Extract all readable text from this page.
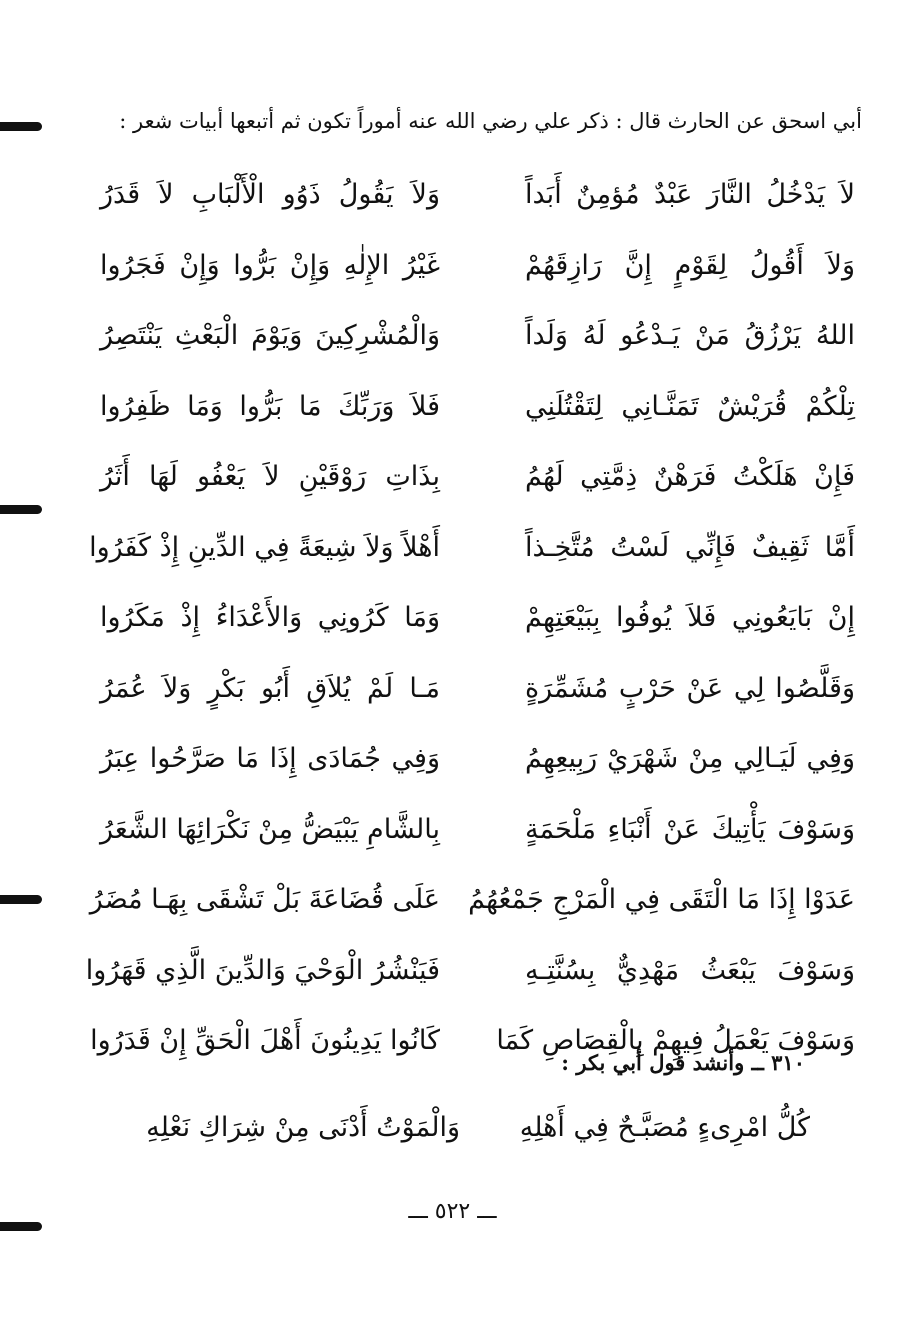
أبي اسحق عن الحارث قال : ذكر علي رضي الله عنه أموراً تكون ثم أتبعها أبيات شعر :
لاَ يَدْخُلُ النَّارَ عَبْدٌ مُؤمِنٌ أَبَداً
وَلاَ يَقُولُ ذَوُو الْأَلْبَابِ لاَ قَدَرُ
وَلاَ أَقُولُ لِقَوْمٍ إِنَّ رَازِقَهُمْ
غَيْرُ الإِلٰهِ وَإِنْ بَرُّوا وَإِنْ فَجَرُوا
اللهُ يَرْزُقُ مَنْ يَـدْعُو لَهُ وَلَداً
وَالْمُشْرِكِينَ وَيَوْمَ الْبَعْثِ يَنْتَصِرُ
تِلْكُمْ قُرَيْشٌ تَمَنَّـانِي لِتَقْتُلَنِي
فَلاَ وَرَبِّكَ مَا بَرُّوا وَمَا ظَفِرُوا
فَإِنْ هَلَكْتُ فَرَهْنٌ ذِمَّتِي لَهُمُ
بِذَاتِ رَوْقَيْنِ لاَ يَعْفُو لَهَا أَثَرُ
أَمَّا ثَقِيفٌ فَإِنِّي لَسْتُ مُتَّخِـذاً
أَهْلاً وَلاَ شِيعَةً فِي الدِّينِ إِذْ كَفَرُوا
إِنْ بَايَعُونِي فَلاَ يُوفُوا بِبَيْعَتِهِمْ
وَمَا كَرُونِي وَالأَعْدَاءُ إِذْ مَكَرُوا
وَقَلَّصُوا لِي عَنْ حَرْبٍ مُشَمِّرَةٍ
مَـا لَمْ يُلاَقِ أَبُو بَكْرٍ وَلاَ عُمَرُ
وَفِي لَيَـالِي مِنْ شَهْرَيْ رَبِيعِهِمُ
وَفِي جُمَادَى إِذَا مَا صَرَّحُوا عِبَرُ
وَسَوْفَ يَأْتِيكَ عَنْ أَنْبَاءِ مَلْحَمَةٍ
بِالشَّامِ يَبْيَضُّ مِنْ نَكْرَائِهَا الشَّعَرُ
عَدَوْا إِذَا مَا الْتَقَى فِي الْمَرْجِ جَمْعُهُمُ
عَلَى قُضَاعَةَ بَلْ تَشْقَى بِهَـا مُضَرُ
وَسَوْفَ يَبْعَثُ مَهْدِيٌّ بِسُنَّتِـهِ
فَيَنْشُرُ الْوَحْيَ وَالدِّينَ الَّذِي قَهَرُوا
وَسَوْفَ يَعْمَلُ فِيهِمْ بِالْقِصَاصِ كَمَا
كَانُوا يَدِينُونَ أَهْلَ الْحَقِّ إِنْ قَدَرُوا
٣١٠ ــ وأنشد قول أبي بكر :
كُلُّ امْرِىءٍ مُصَبَّـحٌ فِي أَهْلِهِ
وَالْمَوْتُ أَدْنَى مِنْ شِرَاكِ نَعْلِهِ
ـــ ٥٢٢ ـــ
